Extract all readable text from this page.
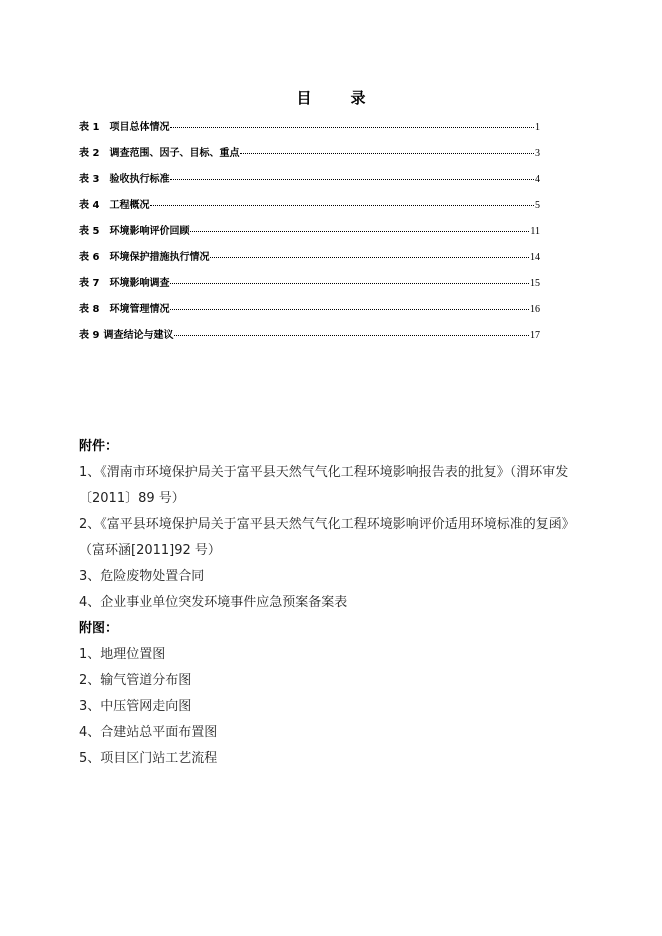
目　录
表 1 项目总体情况	1
表 2 调查范围、因子、目标、重点	3
表 3 验收执行标准	4
表 4 工程概况	5
表 5 环境影响评价回顾	11
表 6 环境保护措施执行情况	14
表 7 环境影响调查	15
表 8 环境管理情况	16
表 9 调查结论与建议	17
附件：
1、《渭南市环境保护局关于富平县天然气气化工程环境影响报告表的批复》（渭环审发
〔2011〕89 号）
2、《富平县环境保护局关于富平县天然气气化工程环境影响评价适用环境标准的复函》
（富环涵[2011]92 号）
3、危险废物处置合同
4、企业事业单位突发环境事件应急预案备案表
附图：
1、地理位置图
2、输气管道分布图
3、中压管网走向图
4、合建站总平面布置图
5、项目区门站工艺流程
